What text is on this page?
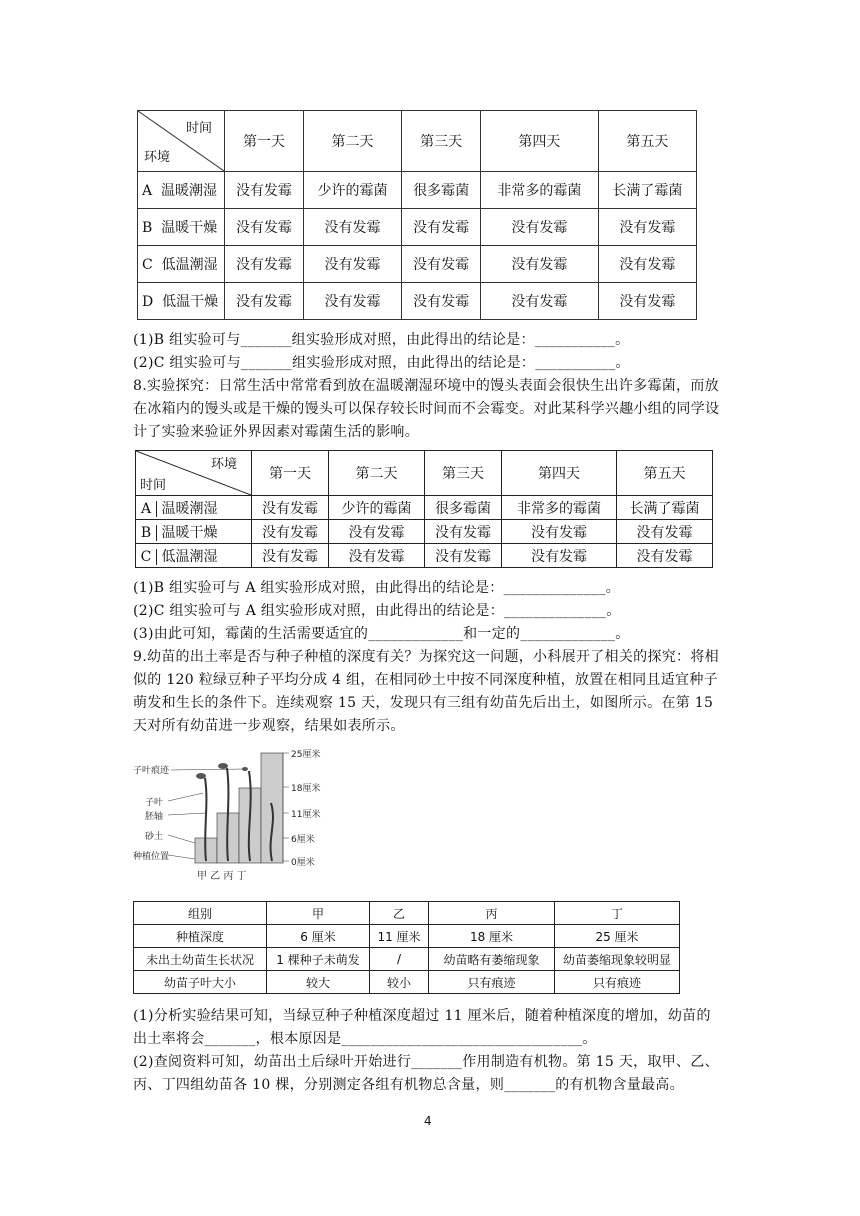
时间
环境	第一天	第二天	第三天	第四天	第五天
A 温暖潮湿	没有发霉	少许的霉菌	很多霉菌	非常多的霉菌	长满了霉菌
B 温暖干燥	没有发霉	没有发霉	没有发霉	没有发霉	没有发霉
C 低温潮湿	没有发霉	没有发霉	没有发霉	没有发霉	没有发霉
D 低温干燥	没有发霉	没有发霉	没有发霉	没有发霉	没有发霉
(1)B 组实验可与_______组实验形成对照，由此得出的结论是：___________。
(2)C 组实验可与_______组实验形成对照，由此得出的结论是：___________。
8.实验探究：日常生活中常常看到放在温暖潮湿环境中的馒头表面会很快生出许多霉菌，而放在冰箱内的馒头或是干燥的馒头可以保存较长时间而不会霉变。对此某科学兴趣小组的同学设计了实验来验证外界因素对霉菌生活的影响。
环境
时间	第一天	第二天	第三天	第四天	第五天
A 温暖潮湿	没有发霉	少许的霉菌	很多霉菌	非常多的霉菌	长满了霉菌
B 温暖干燥	没有发霉	没有发霉	没有发霉	没有发霉	没有发霉
C 低温潮湿	没有发霉	没有发霉	没有发霉	没有发霉	没有发霉
(1)B 组实验可与 A 组实验形成对照，由此得出的结论是：______________。
(2)C 组实验可与 A 组实验形成对照，由此得出的结论是：______________。
(3)由此可知，霉菌的生活需要适宜的_____________和一定的_____________。
9.幼苗的出土率是否与种子种植的深度有关？为探究这一问题，小科展开了相关的探究：将相似的 120 粒绿豆种子平均分成 4 组，在相同砂土中按不同深度种植，放置在相同且适宜种子萌发和生长的条件下。连续观察 15 天，发现只有三组有幼苗先后出土，如图所示。在第 15 天对所有幼苗进一步观察，结果如表所示。
子叶痕迹
子叶
胚轴
砂土
种植位置
25厘米
18厘米
11厘米
6厘米
0厘米
甲 乙 丙 丁
组别	甲	乙	丙	丁
种植深度	6 厘米	11 厘米	18 厘米	25 厘米
未出土幼苗生长状况	1 棵种子未萌发	/	幼苗略有萎缩现象	幼苗萎缩现象较明显
幼苗子叶大小	较大	较小	只有痕迹	只有痕迹
(1)分析实验结果可知，当绿豆种子种植深度超过 11 厘米后，随着种植深度的增加，幼苗的出土率将会_______，根本原因是_________________________________。
(2)查阅资料可知，幼苗出土后绿叶开始进行_______作用制造有机物。第 15 天，取甲、乙、丙、丁四组幼苗各 10 棵，分别测定各组有机物总含量，则_______的有机物含量最高。
4
